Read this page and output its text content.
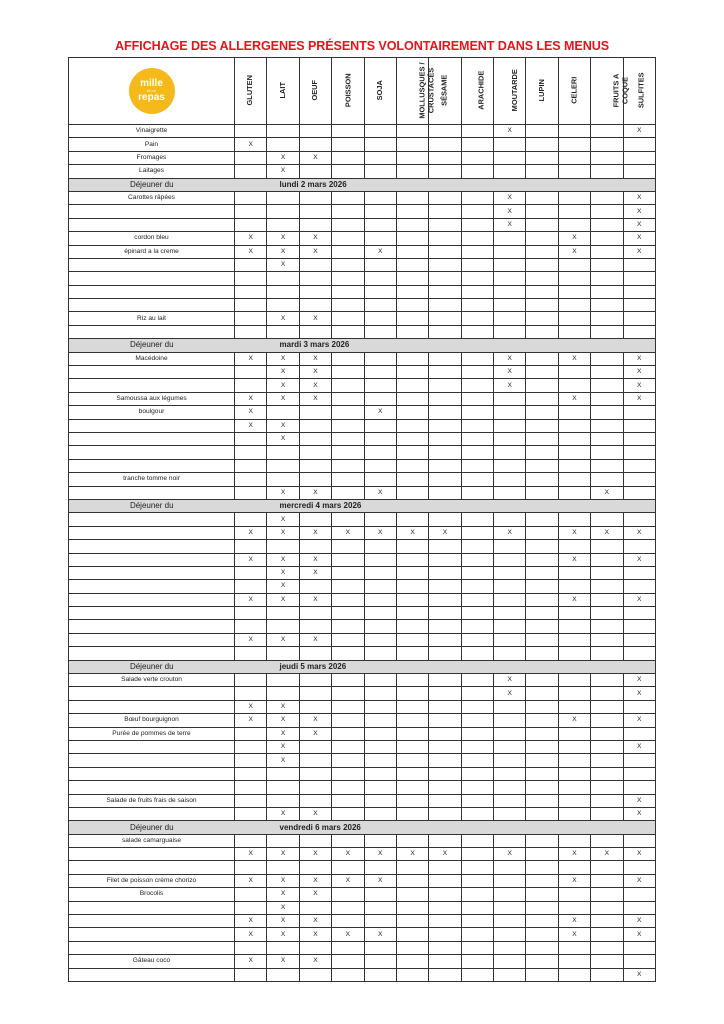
AFFICHAGE DES ALLERGENES PRÉSENTS VOLONTAIREMENT DANS LES MENUS
mille
et un
repas	GLUTEN	LAIT	OEUF	POISSON	SOJA	MOLLUSQUES / CRUSTACÉS	SÉSAME	ARACHIDE	MOUTARDE	LUPIN	CELERI	FRUITS A COQUE	SULFITES
Vinaigrette									X				X
Pain	X												
Fromages		X	X										
Laitages		X											
Déjeuner du	lundi 2 mars 2026												
Carottes râpées									X				X
									X				X
									X				X
cordon bleu	X	X	X								X		X
épinard a la creme	X	X	X		X						X		X
		X											

Riz au lait		X	X										

Déjeuner du	mardi 3 mars 2026												
Macédoine	X	X	X						X		X		X
		X	X						X				X
		X	X						X				X
Samoussa aux légumes	X	X	X								X		X
boulgour	X				X								
	X	X											
		X											

tranche tomme noir													
		X	X		X							X	
Déjeuner du	mercredi 4 mars 2026												
		X											
	X	X	X	X	X	X	X		X		X	X	X

	X	X	X								X		X
		X	X										
		X											
	X	X	X								X		X

	X	X	X										

Déjeuner du	jeudi 5 mars 2026												
Salade verte crouton									X				X
									X				X
	X	X											
Bœuf bourguignon	X	X	X								X		X
Purée de pommes de terre		X	X										
		X											X
		X											

Salade de fruits frais de saison													X
		X	X										X
Déjeuner du	vendredi 6 mars 2026												
salade camarguaise													
	X	X	X	X	X	X	X		X		X	X	X

Filet de poisson crème chorizo	X	X	X	X	X						X		X
Brocolis		X	X										
		X											
	X	X	X								X		X
	X	X	X	X	X						X		X

Gâteau coco	X	X	X										
													X
